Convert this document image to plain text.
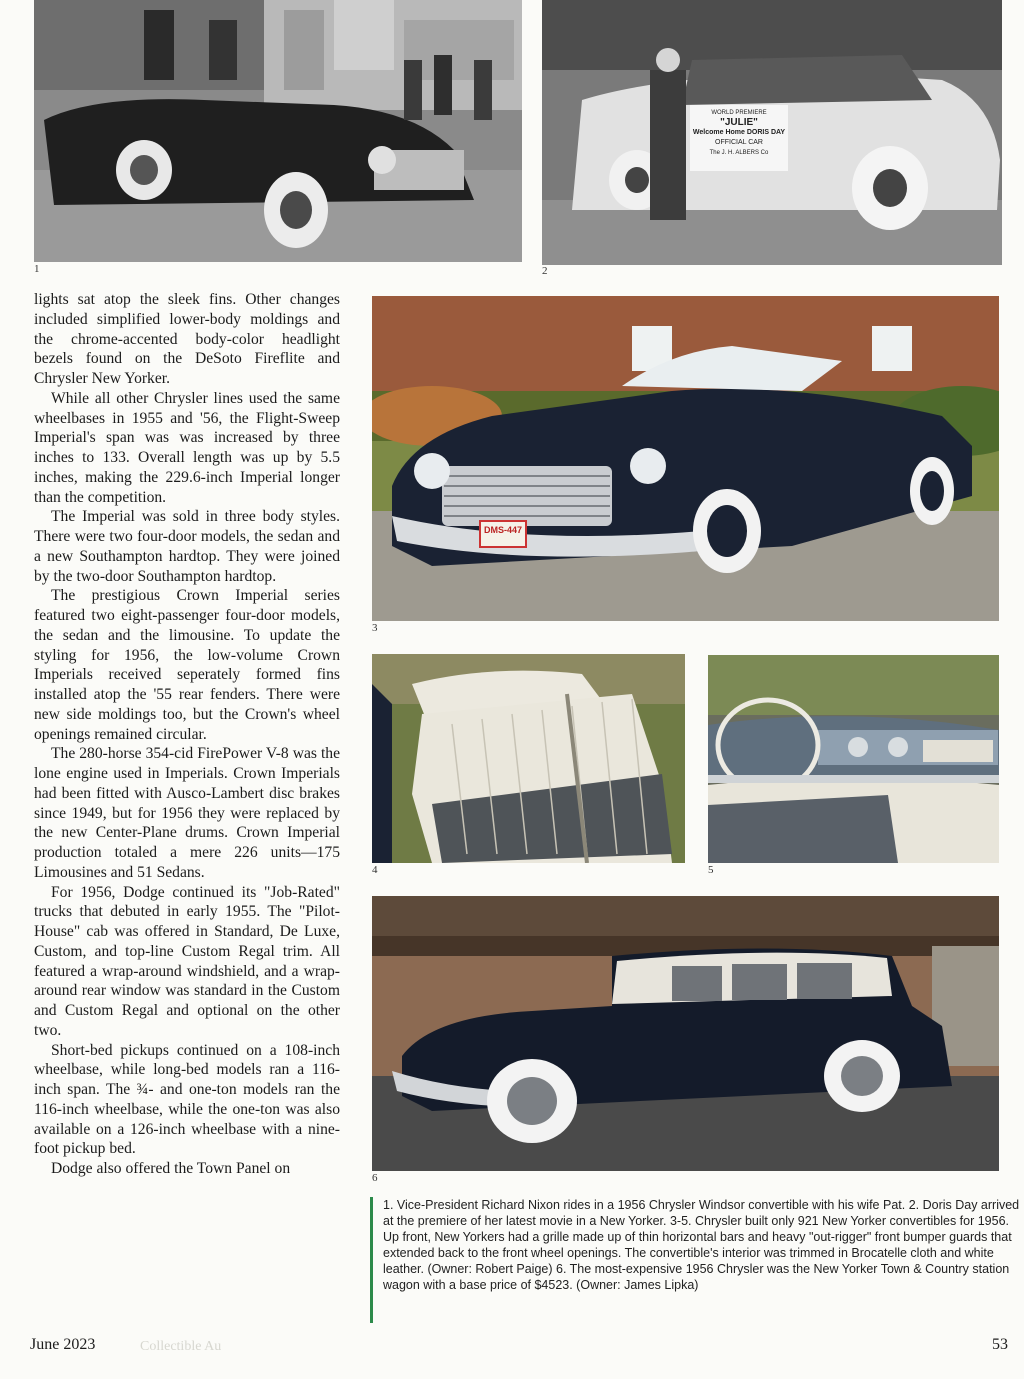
1
WORLD PREMIERE
"JULIE"
Welcome Home DORIS DAY
OFFICIAL CAR
The J. H. ALBERS Co
2
DMS-447
3
4	5
6

lights sat atop the sleek fins. Other changes included simplified lower-body moldings and the chrome-accented body-color headlight bezels found on the DeSoto Fireflite and Chrysler New Yorker.

While all other Chrysler lines used the same wheelbases in 1955 and '56, the Flight-Sweep Imperial's span was was increased by three inches to 133. Overall length was up by 5.5 inches, making the 229.6-inch Imperial longer than the competition.

The Imperial was sold in three body styles. There were two four-door models, the sedan and a new Southampton hardtop. They were joined by the two-door Southampton hardtop.

The prestigious Crown Imperial series featured two eight-passenger four-door models, the sedan and the limousine. To update the styling for 1956, the low-volume Crown Imperials received seperately formed fins installed atop the '55 rear fenders. There were new side moldings too, but the Crown's wheel openings remained circular.

The 280-horse 354-cid FirePower V-8 was the lone engine used in Imperials. Crown Imperials had been fitted with Ausco-Lambert disc brakes since 1949, but for 1956 they were replaced by the new Center-Plane drums. Crown Imperial production totaled a mere 226 units—175 Limousines and 51 Sedans.

For 1956, Dodge continued its "Job-Rated" trucks that debuted in early 1955. The "Pilot-House" cab was offered in Standard, De Luxe, Custom, and top-line Custom Regal trim. All featured a wrap-around windshield, and a wrap-around rear window was standard in the Custom and Custom Regal and optional on the other two.

Short-bed pickups continued on a 108-inch wheelbase, while long-bed models ran a 116-inch span. The ¾- and one-ton models ran the 116-inch wheelbase, while the one-ton was also available on a 126-inch wheelbase with a nine-foot pickup bed.

Dodge also offered the Town Panel on

1. Vice-President Richard Nixon rides in a 1956 Chrysler Windsor convertible with his wife Pat. 2. Doris Day arrived at the premiere of her latest movie in a New Yorker. 3-5. Chrysler built only 921 New Yorker convertibles for 1956. Up front, New Yorkers had a grille made up of thin horizontal bars and heavy "out-rigger" front bumper guards that extended back to the front wheel openings. The convertible's interior was trimmed in Brocatelle cloth and white leather. (Owner: Robert Paige) 6. The most-expensive 1956 Chrysler was the New Yorker Town & Country station wagon with a base price of $4523. (Owner: James Lipka)

June 2023	Collectible Au	53
